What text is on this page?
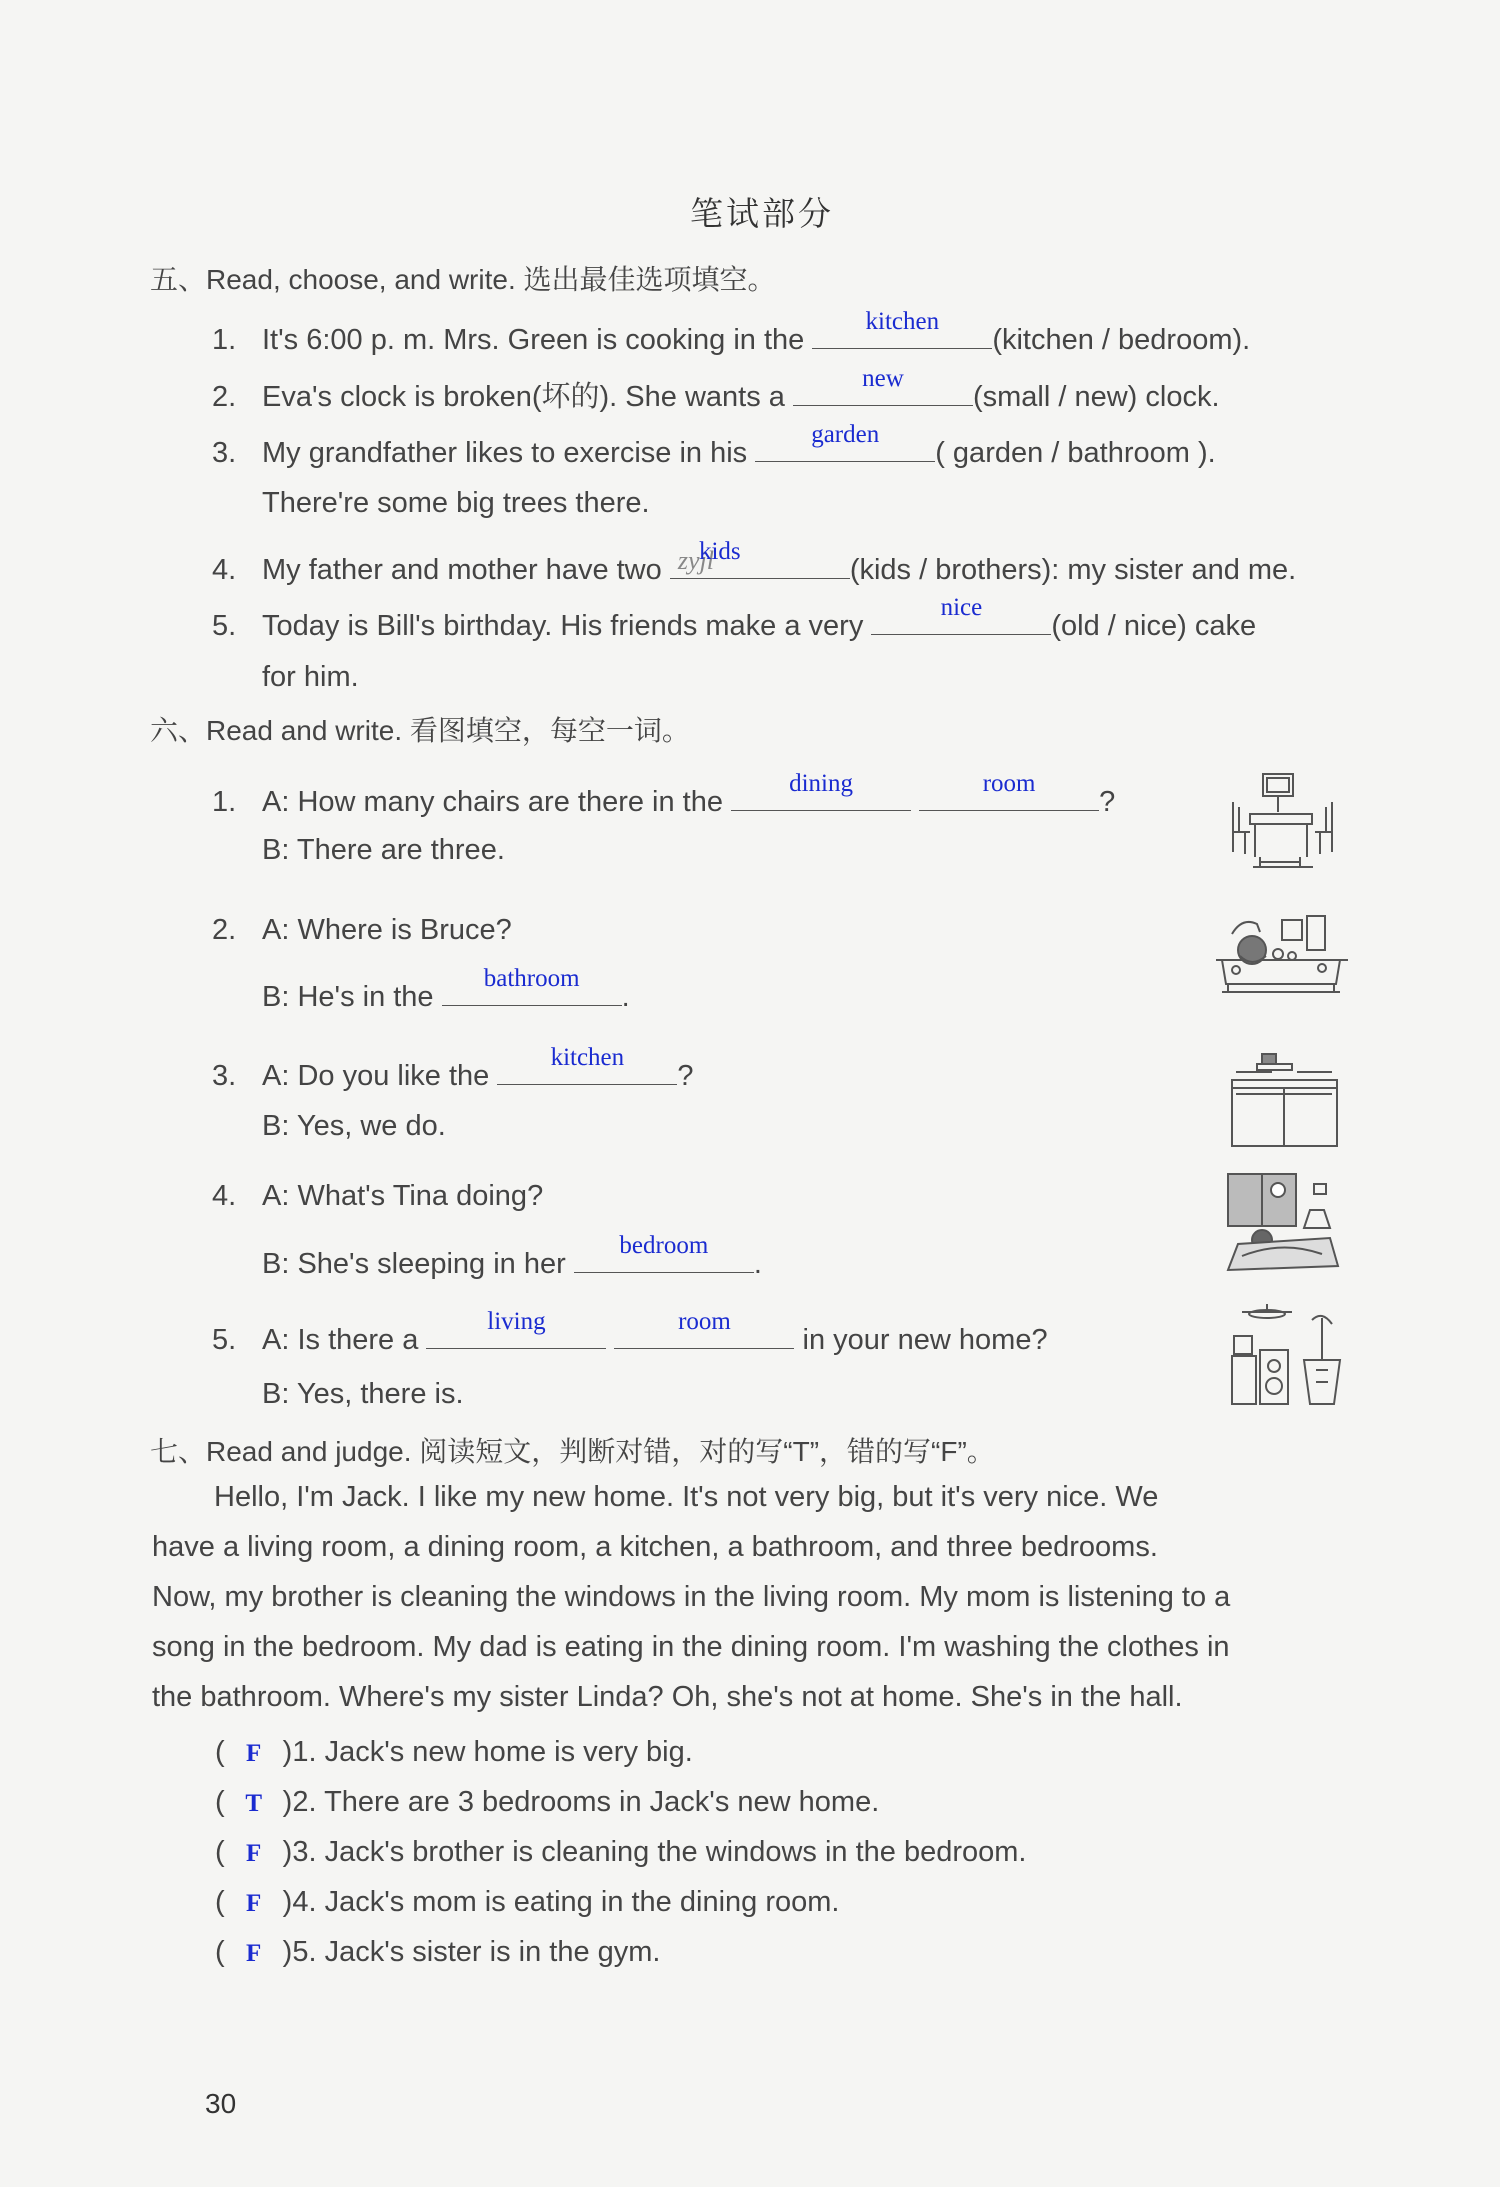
笔试部分
五、Read, choose, and write. 选出最佳选项填空。
1. It's 6:00 p. m. Mrs. Green is cooking in the
kitchen
(kitchen / bedroom).
2. Eva's clock is broken(坏的). She wants a
new
(small / new) clock.
3. My grandfather likes to exercise in his
garden
( garden / bathroom ).
There're some big trees there.
4. My father and mother have two zyjl
kids
(kids / brothers): my sister and me.
5. Today is Bill's birthday. His friends make a very
nice
(old / nice) cake
for him.
六、Read and write. 看图填空，每空一词。
1. A: How many chairs are there in the
dining
	room
?
B: There are three.
2. A: Where is Bruce?
B: He's in the
bathroom
.
3. A: Do you like the
kitchen
?
B: Yes, we do.
4. A: What's Tina doing?
B: She's sleeping in her
bedroom
.
5. A: Is there a
living
	room
in your new home?
B: Yes, there is.
七、Read and judge. 阅读短文，判断对错，对的写“T”，错的写“F”。
Hello, I'm Jack. I like my new home. It's not very big, but it's very nice. We
have a living room, a dining room, a kitchen, a bathroom, and three bedrooms.
Now, my brother is cleaning the windows in the living room. My mom is listening to a
song in the bedroom. My dad is eating in the dining room. I'm washing the clothes in
the bathroom. Where's my sister Linda? Oh, she's not at home. She's in the hall.
( F )1. Jack's new home is very big.
( T )2. There are 3 bedrooms in Jack's new home.
( F )3. Jack's brother is cleaning the windows in the bedroom.
( F )4. Jack's mom is eating in the dining room.
( F )5. Jack's sister is in the gym.
30
